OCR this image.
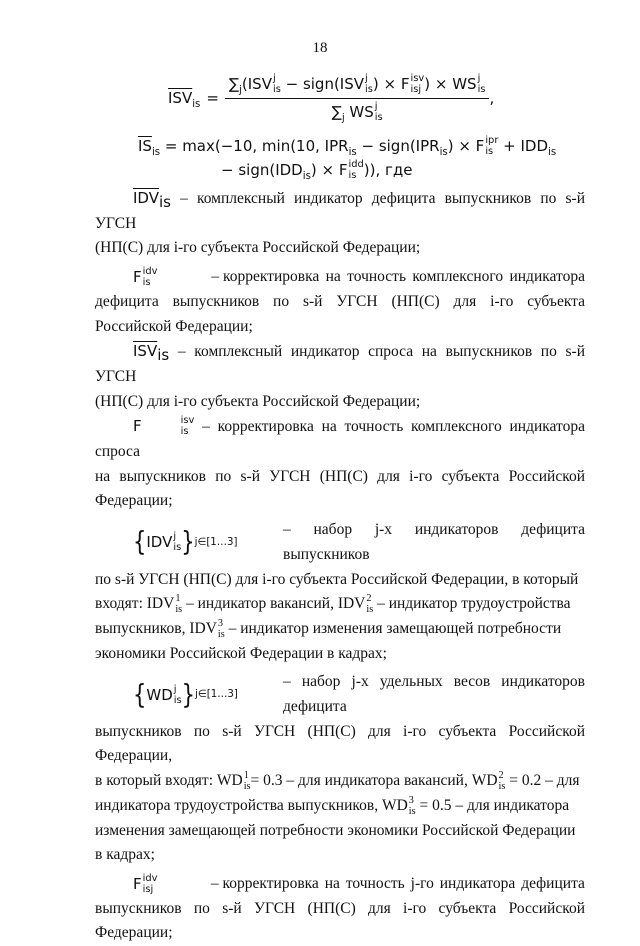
18
$\overline{ISV}_{is} = \sum_j(ISV$ j
is − sign(ISV j
is ) × F isv
isj ) × WS j
is
$\sum_j$ WS j
is ,
$\overline{IS}_{is} = \max(-10$, min(10, $IPR_{is}$ − $sign(IPR_{is}) \times F$ ipr
is + $IDD_{is}$
− $sign(IDD_{is}) \times F$ idd
is )), где

$\overline{IDV}_{is}$ – комплексный индикатор дефицита выпускников по s-й УГСН

(НП(С) для i-го субъекта Российской Федерации;

F idv
is	– корректировка на точность комплексного индикатора

дефицита выпускников по s-й УГСН (НП(С) для i-го субъекта Российской Федерации;

$\overline{ISV}_{is}$ – комплексный индикатор спроса на выпускников по s-й УГСН

(НП(С) для i-го субъекта Российской Федерации;

F	isv
is – корректировка на точность комплексного индикатора спроса

на выпускников по s-й УГСН (НП(С) для i-го субъекта Российской Федерации;

{ IDV j
is } j∈[1…3]
– набор j-х индикаторов дефицита выпускников

по s-й УГСН (НП(С) для i-го субъекта Российской Федерации, в который

входят: IDV 1
is – индикатор вакансий, IDV 2
is – индикатор трудоустройства

выпускников, IDV 3
is – индикатор изменения замещающей потребности

экономики Российской Федерации в кадрах;

{ WD j
is } j∈[1…3]
– набор j-х удельных весов индикаторов дефицита

выпускников по s-й УГСН (НП(С) для i-го субъекта Российской Федерации,

в который входят: WD 1
is = 0.3 – для индикатора вакансий, WD 2
is = 0.2 – для

индикатора трудоустройства выпускников, WD 3
is = 0.5 – для индикатора

изменения замещающей потребности экономики Российской Федерации

в кадрах;

F idv
isj	– корректировка на точность j-го индикатора дефицита

выпускников по s-й УГСН (НП(С) для i-го субъекта Российской Федерации;
